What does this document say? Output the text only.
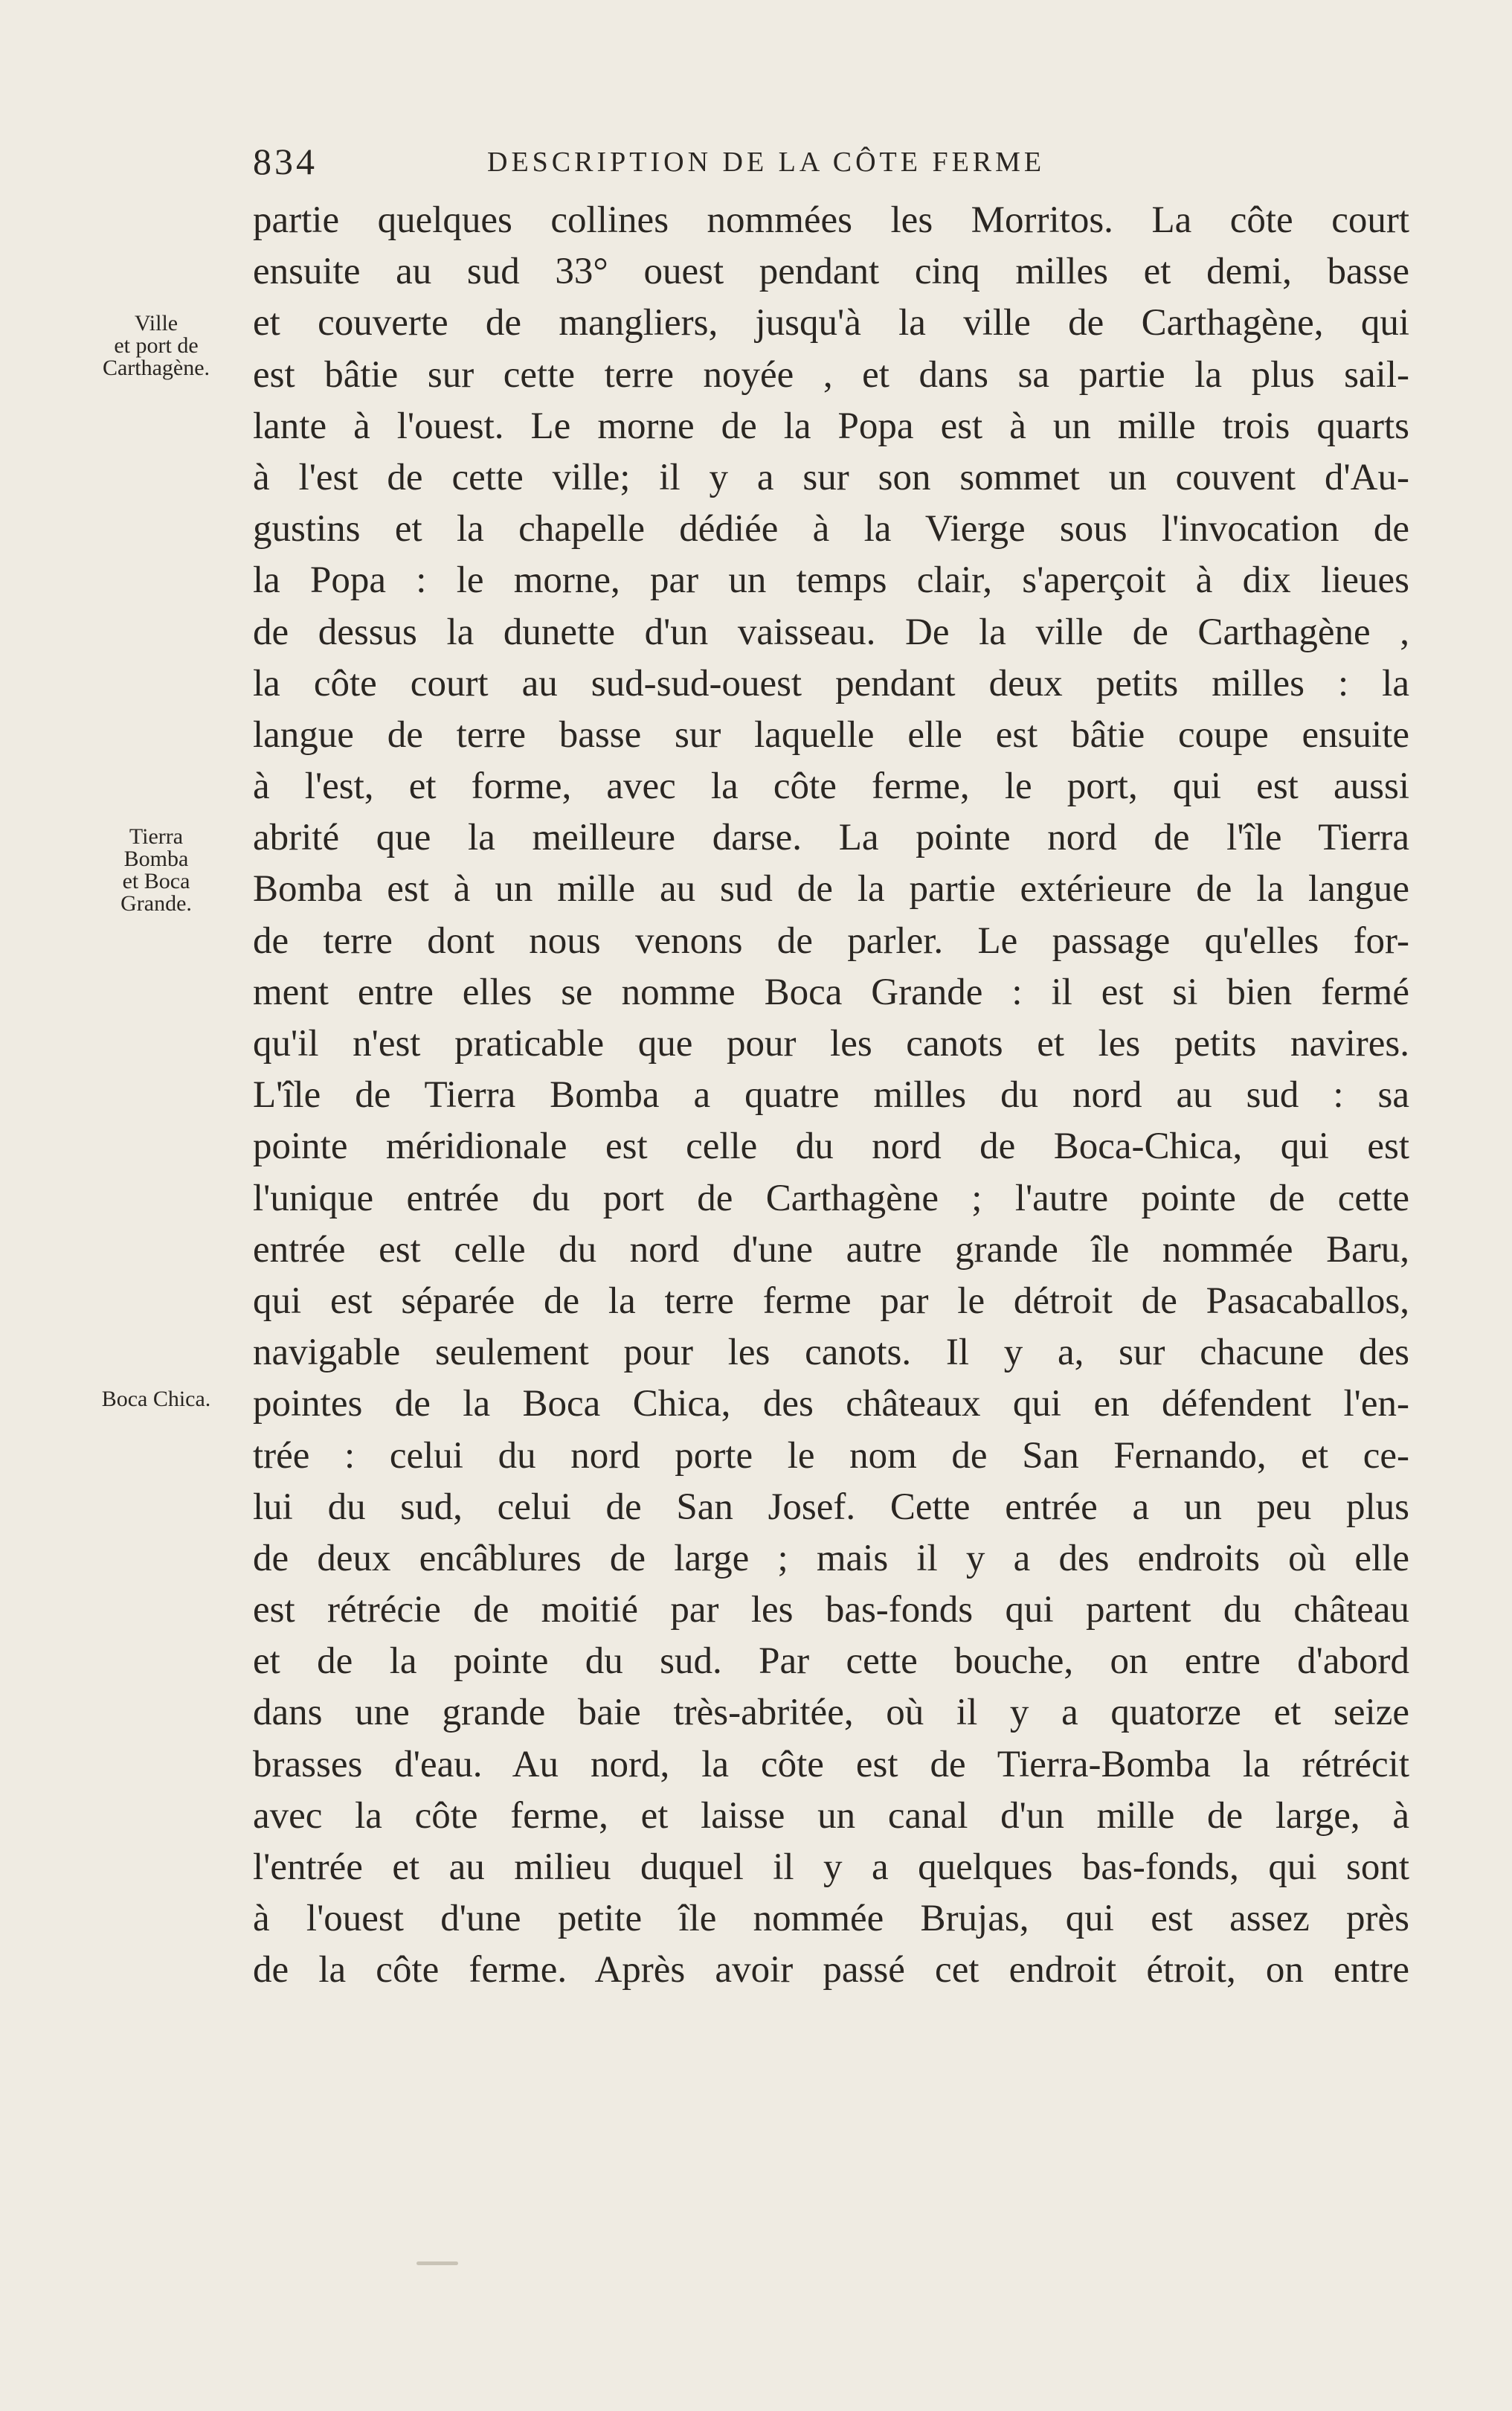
834	DESCRIPTION DE LA CÔTE FERME
Ville
et port de
Carthagène.
Tierra
Bomba
et Boca
Grande.
Boca Chica.
partie quelques collines nommées les Morritos. La côte court
ensuite au sud 33° ouest pendant cinq milles et demi, basse
et couverte de mangliers, jusqu'à la ville de Carthagène, qui
est bâtie sur cette terre noyée , et dans sa partie la plus sail-
lante à l'ouest. Le morne de la Popa est à un mille trois quarts
à l'est de cette ville; il y a sur son sommet un couvent d'Au-
gustins et la chapelle dédiée à la Vierge sous l'invocation de
la Popa : le morne, par un temps clair, s'aperçoit à dix lieues
de dessus la dunette d'un vaisseau. De la ville de Carthagène ,
la côte court au sud-sud-ouest pendant deux petits milles : la
langue de terre basse sur laquelle elle est bâtie coupe ensuite
à l'est, et forme, avec la côte ferme, le port, qui est aussi
abrité que la meilleure darse. La pointe nord de l'île Tierra
Bomba est à un mille au sud de la partie extérieure de la langue
de terre dont nous venons de parler. Le passage qu'elles for-
ment entre elles se nomme Boca Grande : il est si bien fermé
qu'il n'est praticable que pour les canots et les petits navires.
L'île de Tierra Bomba a quatre milles du nord au sud : sa
pointe méridionale est celle du nord de Boca-Chica, qui est
l'unique entrée du port de Carthagène ; l'autre pointe de cette
entrée est celle du nord d'une autre grande île nommée Baru,
qui est séparée de la terre ferme par le détroit de Pasacaballos,
navigable seulement pour les canots. Il y a, sur chacune des
pointes de la Boca Chica, des châteaux qui en défendent l'en-
trée : celui du nord porte le nom de San Fernando, et ce-
lui du sud, celui de San Josef. Cette entrée a un peu plus
de deux encâblures de large ; mais il y a des endroits où elle
est rétrécie de moitié par les bas-fonds qui partent du château
et de la pointe du sud. Par cette bouche, on entre d'abord
dans une grande baie très-abritée, où il y a quatorze et seize
brasses d'eau. Au nord, la côte est de Tierra-Bomba la rétrécit
avec la côte ferme, et laisse un canal d'un mille de large, à
l'entrée et au milieu duquel il y a quelques bas-fonds, qui sont
à l'ouest d'une petite île nommée Brujas, qui est assez près
de la côte ferme. Après avoir passé cet endroit étroit, on entre
